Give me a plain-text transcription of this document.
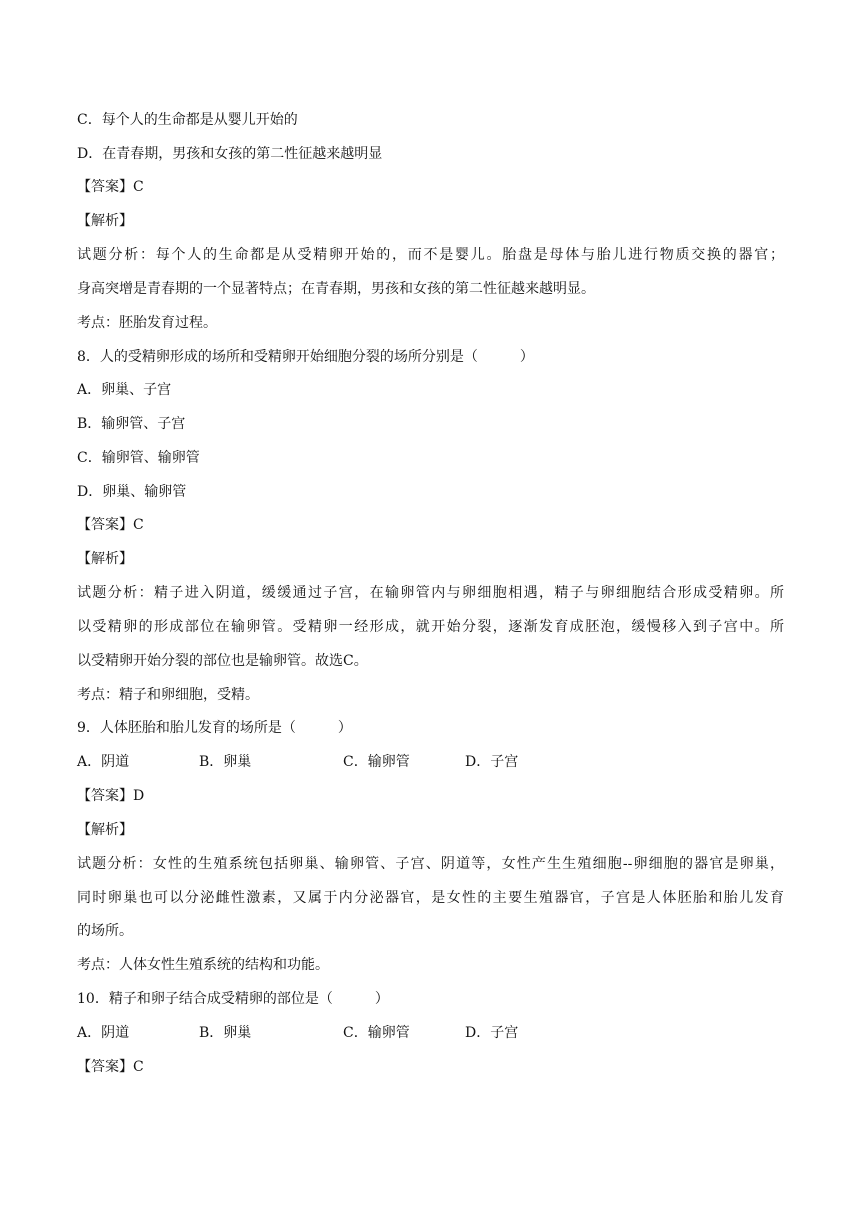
C．每个人的生命都是从婴儿开始的
D．在青春期，男孩和女孩的第二性征越来越明显
【答案】C
【解析】
试题分析：每个人的生命都是从受精卵开始的，而不是婴儿。胎盘是母体与胎儿进行物质交换的器官；
身高突增是青春期的一个显著特点；在青春期，男孩和女孩的第二性征越来越明显。
考点：胚胎发育过程。
8．人的受精卵形成的场所和受精卵开始细胞分裂的场所分别是（　　　）
A．卵巢、子宫
B．输卵管、子宫
C．输卵管、输卵管
D．卵巢、输卵管
【答案】C
【解析】
试题分析：精子进入阴道，缓缓通过子宫，在输卵管内与卵细胞相遇，精子与卵细胞结合形成受精卵。所
以受精卵的形成部位在输卵管。受精卵一经形成，就开始分裂，逐渐发育成胚泡，缓慢移入到子宫中。所
以受精卵开始分裂的部位也是输卵管。故选C。
考点：精子和卵细胞，受精。
9．人体胚胎和胎儿发育的场所是（　　　）
A．阴道	B．卵巢	C．输卵管	D．子宫
【答案】D
【解析】
试题分析：女性的生殖系统包括卵巢、输卵管、子宫、阴道等，女性产生生殖细胞--卵细胞的器官是卵巢，
同时卵巢也可以分泌雌性激素，又属于内分泌器官，是女性的主要生殖器官，子宫是人体胚胎和胎儿发育
的场所。
考点：人体女性生殖系统的结构和功能。
10．精子和卵子结合成受精卵的部位是（　　　）
A．阴道	B．卵巢	C．输卵管	D．子宫
【答案】C
